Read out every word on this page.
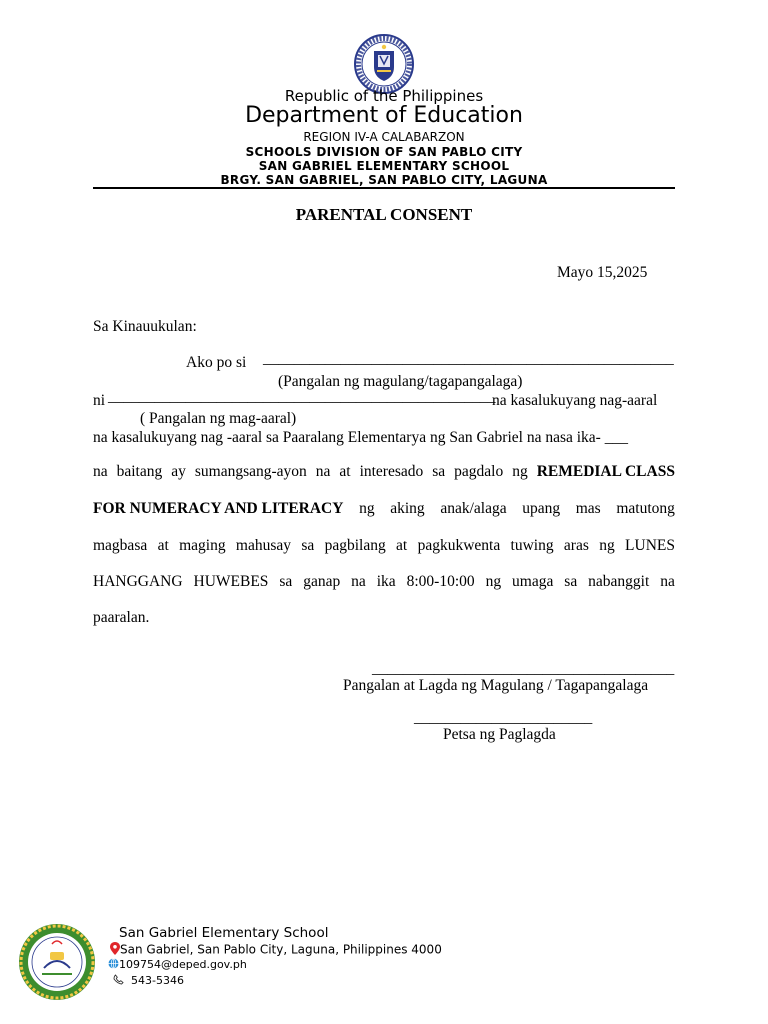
Republic of the Philippines
Department of Education
REGION IV-A CALABARZON
SCHOOLS DIVISION OF SAN PABLO CITY
SAN GABRIEL ELEMENTARY SCHOOL
BRGY. SAN GABRIEL, SAN PABLO CITY, LAGUNA
PARENTAL CONSENT
Mayo 15,2025
Sa Kinauukulan:
Ako po si _____________________________________________________
(Pangalan ng magulang/tagapangalaga)
ni __________________________________________________
na kasalukuyang nag-aaral
( Pangalan ng mag-aaral)
na kasalukuyang nag -aaral sa Paaralang Elementarya ng San Gabriel na nasa ika- ___
na baitang ay sumangsang-ayon na at interesado sa pagdalo ng REMEDIAL CLASS
FOR NUMERACY AND LITERACY ng aking anak/alaga upang mas matutong
magbasa at maging mahusay sa pagbilang at pagkukwenta tuwing aras ng LUNES
HANGGANG HUWEBES sa ganap na ika 8:00-10:00 ng umaga sa nabanggit na
paaralan.
_______________________________________
Pangalan at Lagda ng Magulang / Tagapangalaga
_______________________
Petsa ng Paglagda
San Gabriel Elementary School
San Gabriel, San Pablo City, Laguna, Philippines 4000
109754@deped.gov.ph
543-5346
